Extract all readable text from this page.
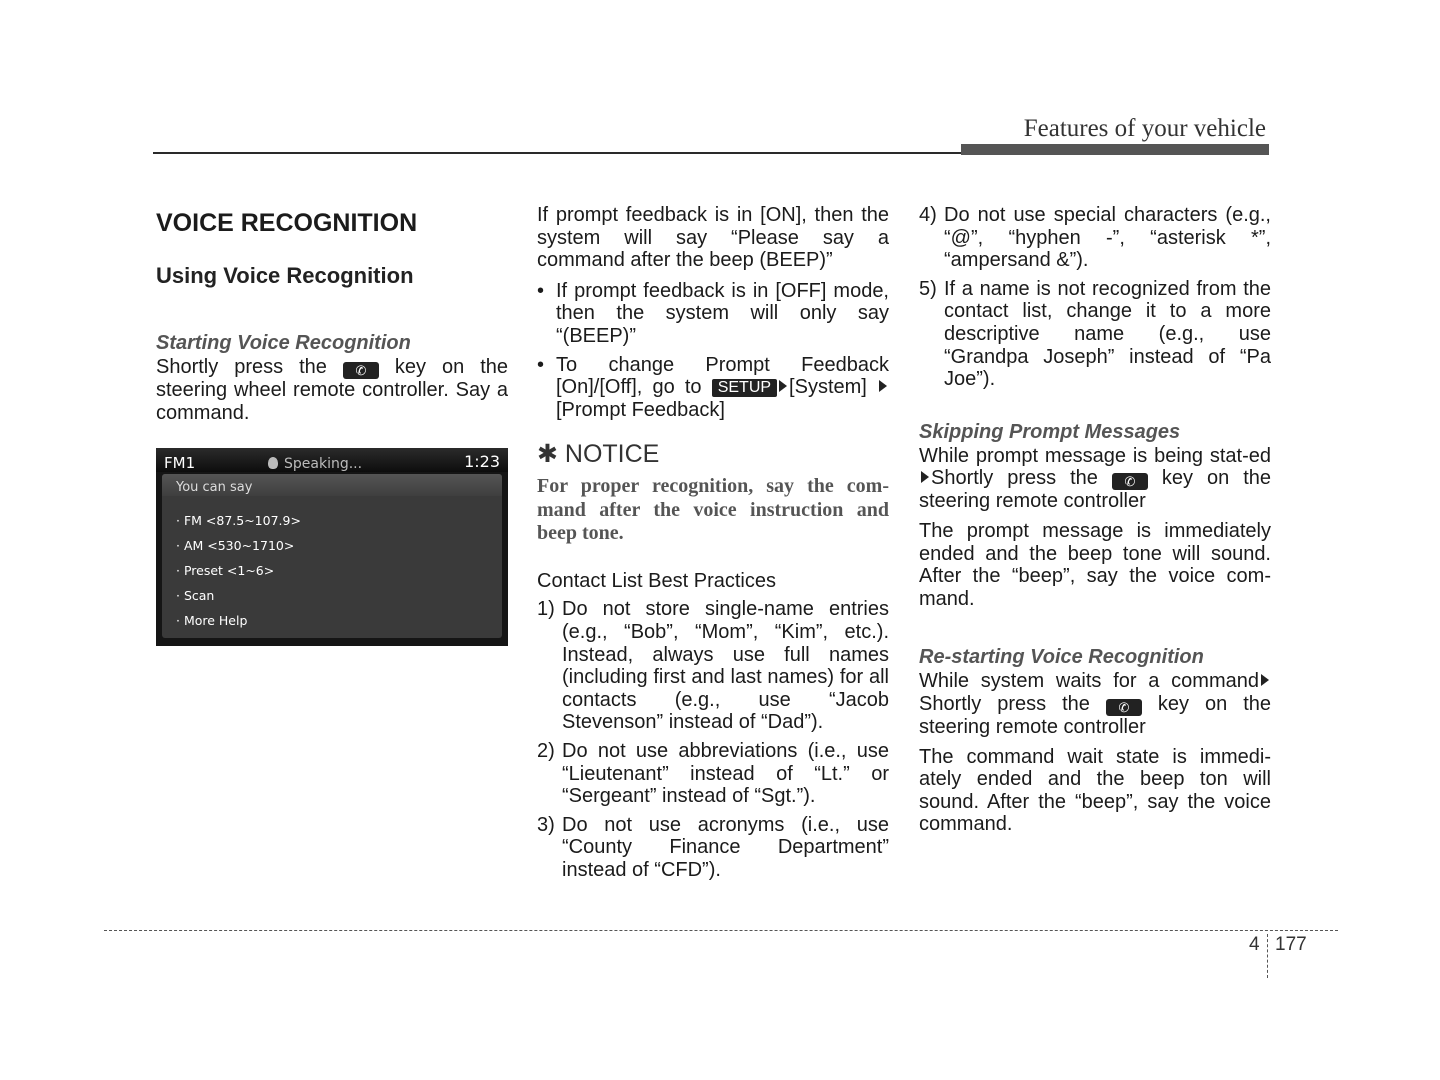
Features of your vehicle
VOICE RECOGNITION
Using Voice Recognition
Starting Voice Recognition

Shortly press the ✆ key on the steering wheel remote controller. Say a command.

FM1	Speaking...	1:23
You can say
· FM <87.5~107.9>
· AM <530~1710>
· Preset <1~6>
· Scan
· More Help

If prompt feedback is in [ON], then the system will say “Please say a command after the beep (BEEP)”

• If prompt feedback is in [OFF] mode, then the system will only say “(BEEP)”
• To change Prompt Feedback [On]/[Off], go to SETUP [System] [Prompt Feedback]
✱ NOTICE

For proper recognition, say the com-mand after the voice instruction and beep tone.

Contact List Best Practices

1) Do not store single-name entries (e.g., “Bob”, “Mom”, “Kim”, etc.). Instead, always use full names (including first and last names) for all contacts (e.g., use “Jacob Stevenson” instead of “Dad”).
2) Do not use abbreviations (i.e., use “Lieutenant” instead of “Lt.” or “Sergeant” instead of “Sgt.”).
3) Do not use acronyms (i.e., use “County Finance Department” instead of “CFD”).
4) Do not use special characters (e.g., “@”, “hyphen -”, “asterisk *”, “ampersand &”).
5) If a name is not recognized from the contact list, change it to a more descriptive name (e.g., use “Grandpa Joseph” instead of “Pa Joe”).
Skipping Prompt Messages

While prompt message is being stat-edShortly press the ✆ key on the steering remote controller

The prompt message is immediately ended and the beep tone will sound. After the “beep”, say the voice com-mand.

Re-starting Voice Recognition

While system waits for a command Shortly press the ✆ key on the steering remote controller

The command wait state is immedi-ately ended and the beep ton will sound. After the “beep”, say the voice command.

4 177
